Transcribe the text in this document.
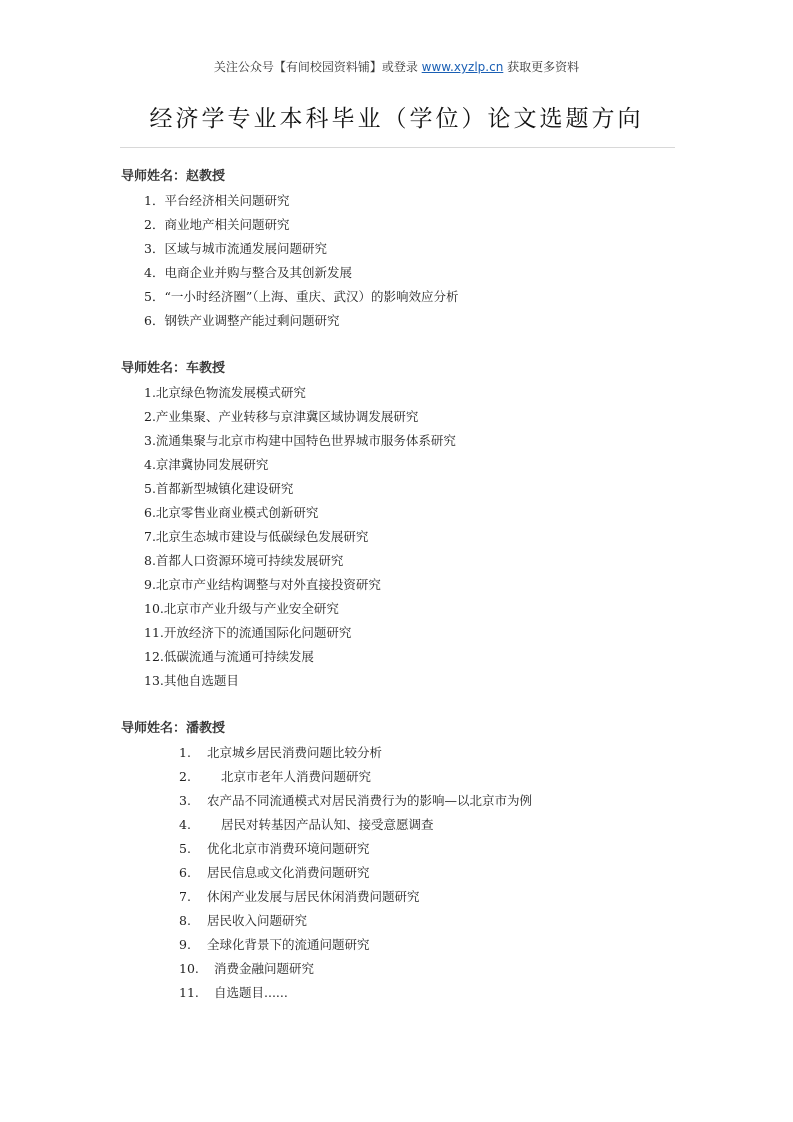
关注公众号【有间校园资料铺】或登录 www.xyzlp.cn 获取更多资料
经济学专业本科毕业（学位）论文选题方向
导师姓名：赵教授
1．平台经济相关问题研究
2．商业地产相关问题研究
3．区域与城市流通发展问题研究
4．电商企业并购与整合及其创新发展
5．“一小时经济圈”（上海、重庆、武汉）的影响效应分析
6．钢铁产业调整产能过剩问题研究
导师姓名：车教授
1.北京绿色物流发展模式研究
2.产业集聚、产业转移与京津冀区域协调发展研究
3.流通集聚与北京市构建中国特色世界城市服务体系研究
4.京津冀协同发展研究
5.首都新型城镇化建设研究
6.北京零售业商业模式创新研究
7.北京生态城市建设与低碳绿色发展研究
8.首都人口资源环境可持续发展研究
9.北京市产业结构调整与对外直接投资研究
10.北京市产业升级与产业安全研究
11.开放经济下的流通国际化问题研究
12.低碳流通与流通可持续发展
13.其他自选题目
导师姓名：潘教授
1. 北京城乡居民消费问题比较分析
2. 北京市老年人消费问题研究
3. 农产品不同流通模式对居民消费行为的影响—以北京市为例
4. 居民对转基因产品认知、接受意愿调查
5. 优化北京市消费环境问题研究
6. 居民信息或文化消费问题研究
7. 休闲产业发展与居民休闲消费问题研究
8. 居民收入问题研究
9. 全球化背景下的流通问题研究
10. 消费金融问题研究
11. 自选题目......
